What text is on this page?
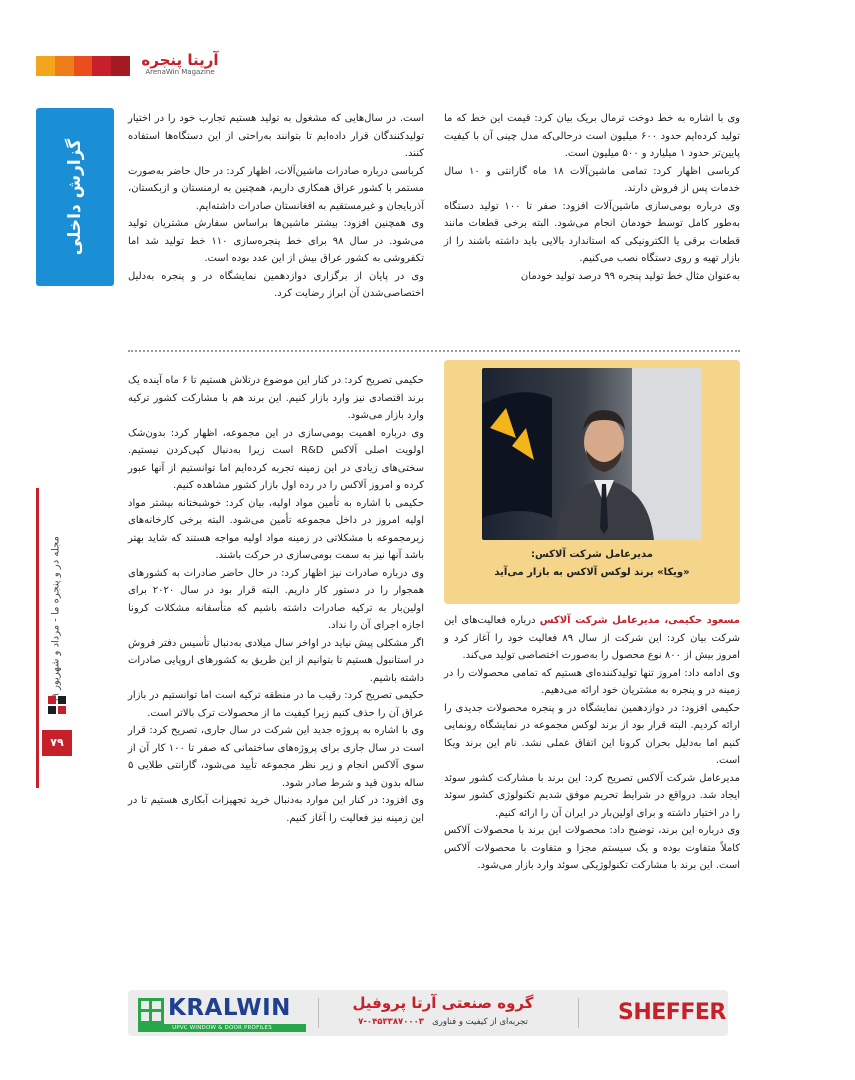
آرینا پنجره
ArenaWin Magazine
گزارش داخلی
مجله در و پنجره ما - مرداد و شهریور
۷۹

وی با اشاره به خط دوخت ترمال بریک بیان کرد: قیمت این خط که ما تولید کرده‌ایم حدود ۶۰۰ میلیون است در‌حالی‌که مدل چینی آن با کیفیت پایین‌تر حدود ۱ میلیارد و ۵۰۰ میلیون است.

کرباسی اظهار کرد: تمامی ماشین‌آلات ۱۸ ماه گارانتی و ۱۰ سال خدمات پس از فروش دارند.

وی درباره بومی‌سازی ماشین‌آلات افزود: صفر تا ۱۰۰ تولید دستگاه به‌طور کامل توسط خودمان انجام می‌شود. البته برخی قطعات مانند قطعات برقی یا الکترونیکی که استاندارد بالایی باید داشته باشند را از بازار تهیه و روی دستگاه نصب می‌کنیم.

به‌عنوان مثال خط تولید پنجره ۹۹ درصد تولید خودمان

است. در سال‌هایی که مشغول به تولید هستیم تجارب خود را در اختیار تولیدکنندگان قرار داده‌ایم تا بتوانند به‌راحتی از این دستگاه‌ها استفاده کنند.

کرباسی درباره صادرات ماشین‌آلات، اظهار کرد: در حال حاضر به‌صورت مستمر با کشور عراق همکاری داریم، همچنین به ارمنستان و ازبکستان، آذربایجان و غیرمستقیم به افغانستان صادرات داشته‌ایم.

وی همچنین افزود: بیشتر ماشین‌ها براساس سفارش مشتریان تولید می‌شود. در سال ۹۸ برای خط پنجره‌سازی ۱۱۰ خط تولید شد اما تکفروشی به کشور عراق بیش از این عدد بوده است.

وی در پایان از برگزاری دوازدهمین نمایشگاه در و پنجره به‌دلیل اختصاصی‌شدن آن ابراز رضایت کرد.

مدیرعامل شرکت آلاکس:
«ویکا» برند لوکس آلاکس به بازار می‌آید

مسعود حکیمی، مدیرعامل شرکت آلاکس درباره فعالیت‌های این شرکت بیان کرد: این شرکت از سال ۸۹ فعالیت خود را آغاز کرد و امروز بیش از ۸۰۰ نوع محصول را به‌صورت اختصاصی تولید می‌کند.

وی ادامه داد: امروز تنها تولیدکننده‌ای هستیم که تمامی محصولات را در زمینه در و پنجره به مشتریان خود ارائه می‌دهیم.

حکیمی افزود: در دوازدهمین نمایشگاه در و پنجره محصولات جدیدی را ارائه کردیم. البته قرار بود از برند لوکس مجموعه در نمایشگاه رونمایی کنیم اما به‌دلیل بحران کرونا این اتفاق عملی نشد. نام این برند ویکا است.

مدیرعامل شرکت آلاکس تصریح کرد: این برند با مشارکت کشور سوئد ایجاد شد. درواقع در شرایط تحریم موفق شدیم تکنولوژی کشور سوئد را در اختیار داشته و برای اولین‌بار در ایران آن را ارائه کنیم.

وی درباره این برند، توضیح داد: محصولات این برند با محصولات آلاکس کاملاً متفاوت بوده و یک سیستم مجزا و متفاوت با محصولات آلاکس است. این برند با مشارکت تکنولوژیکی سوئد وارد بازار می‌شود.

حکیمی تصریح کرد: در کنار این موضوع درتلاش هستیم تا ۶ ماه آینده یک برند اقتصادی نیز وارد بازار کنیم. این برند هم با مشارکت کشور ترکیه وارد بازار می‌شود.

وی درباره اهمیت بومی‌سازی در این مجموعه، اظهار کرد: بدون‌شک اولویت اصلی آلاکس R&D است زیرا به‌دنبال کپی‌کردن نیستیم. سختی‌های زیادی در این زمینه تجربه کرده‌ایم اما توانستیم از آنها عبور کرده و امروز آلاکس را در رده اول بازار کشور مشاهده کنیم.

حکیمی با اشاره به تأمین مواد اولیه، بیان کرد: خوشبختانه بیشتر مواد اولیه امروز در داخل مجموعه تأمین می‌شود. البته برخی کارخانه‌های زیرمجموعه با مشکلاتی در زمینه مواد اولیه مواجه هستند که شاید بهتر باشد آنها نیز به سمت بومی‌سازی در حرکت باشند.

وی درباره صادرات نیز اظهار کرد: در حال حاضر صادرات به کشورهای همجوار را در دستور کار داریم. البته قرار بود در سال ۲۰۲۰ برای اولین‌بار به ترکیه صادرات داشته باشیم که متأسفانه مشکلات کرونا اجازه اجرای آن را نداد.

اگر مشکلی پیش نیاید در اواخر سال میلادی به‌دنبال تأسیس دفتر فروش در استانبول هستیم تا بتوانیم از این طریق به کشورهای اروپایی صادرات داشته باشیم.

حکیمی تصریح کرد: رقیب ما در منطقه ترکیه است اما توانستیم در بازار عراق آن را حذف کنیم زیرا کیفیت ما از محصولات ترک بالاتر است.

وی با اشاره به پروژه جدید این شرکت در سال جاری، تصریح کرد: قرار است در سال جاری برای پروژه‌های ساختمانی که صفر تا ۱۰۰ کار آن از سوی آلاکس انجام و زیر نظر مجموعه تأیید می‌شود، گارانتی طلایی ۵ ساله بدون قید و شرط صادر شود.

وی افزود: در کنار این موارد به‌دنبال خرید تجهیزات آبکاری هستیم تا در این زمینه نیز فعالیت را آغاز کنیم.

KRALWIN
UPVC WINDOW & DOOR PROFILES
گروه صنعتی آرتا پروفیل
تجربه‌ای از کیفیت و فناوری   ۰۴۵۳۳۸۷۰۰۰۳-۷	SHEFFER
